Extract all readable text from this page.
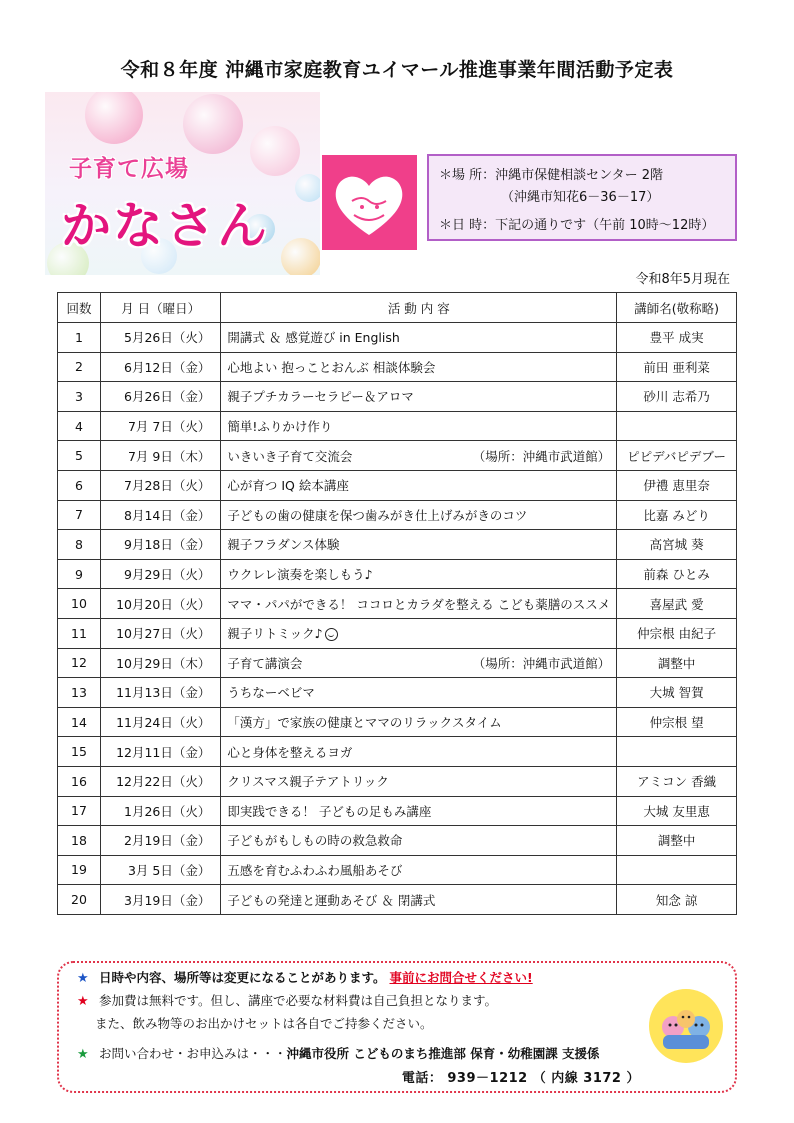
令和８年度 沖縄市家庭教育ユイマール推進事業年間活動予定表
子育て広場
かなさん
＊場 所：沖縄市保健相談センター 2階
（沖縄市知花6－36－17）
＊日 時：下記の通りです（午前 10時～12時）
令和8年5月現在
回数	月 日（曜日）	活 動 内 容	講師名(敬称略)
1	5月26日（火）	開講式 ＆ 感覚遊び in English	豊平 成実
2	6月12日（金）	心地よい 抱っことおんぶ 相談体験会	前田 亜利菜
3	6月26日（金）	親子プチカラーセラピー＆アロマ	砂川 志希乃
4	7月 7日（火）	簡単!ふりかけ作り	

5	7月 9日（木）	いきいき子育て交流会 （場所：沖縄市武道館）	ピピデバピデブー
6	7月28日（火）	心が育つ IQ 絵本講座	伊禮 恵里奈
7	8月14日（金）	子どもの歯の健康を保つ歯みがき仕上げみがきのコツ	比嘉 みどり
8	9月18日（金）	親子フラダンス体験	高宮城 葵
9	9月29日（火）	ウクレレ演奏を楽しもう♪	前森 ひとみ
10	10月20日（火）	ママ・パパができる！ ココロとカラダを整える こども薬膳のススメ	喜屋武 愛
11	10月27日（火）	親子リトミック♪	仲宗根 由紀子
12	10月29日（木）	子育て講演会 （場所：沖縄市武道館）	調整中
13	11月13日（金）	うちなーベビマ	大城 智賀
14	11月24日（火）	「漢方」で家族の健康とママのリラックスタイム	仲宗根 望
15	12月11日（金）	心と身体を整えるヨガ	

16	12月22日（火）	クリスマス親子テアトリック	アミコン 香織
17	1月26日（火）	即実践できる！ 子どもの足もみ講座	大城 友里恵
18	2月19日（金）	子どもがもしもの時の救急救命	調整中
19	3月 5日（金）	五感を育むふわふわ風船あそび	

20	3月19日（金）	子どもの発達と運動あそび ＆ 閉講式	知念 諒
★ 日時や内容、場所等は変更になることがあります。 事前にお問合せください!
★ 参加費は無料です。但し、講座で必要な材料費は自己負担となります。
また、飲み物等のお出かけセットは各自でご持参ください。
★ お問い合わせ・お申込みは・・・沖縄市役所 こどものまち推進部 保育・幼稚園課 支援係
電話： 939－1212 （ 内線 3172 ）
